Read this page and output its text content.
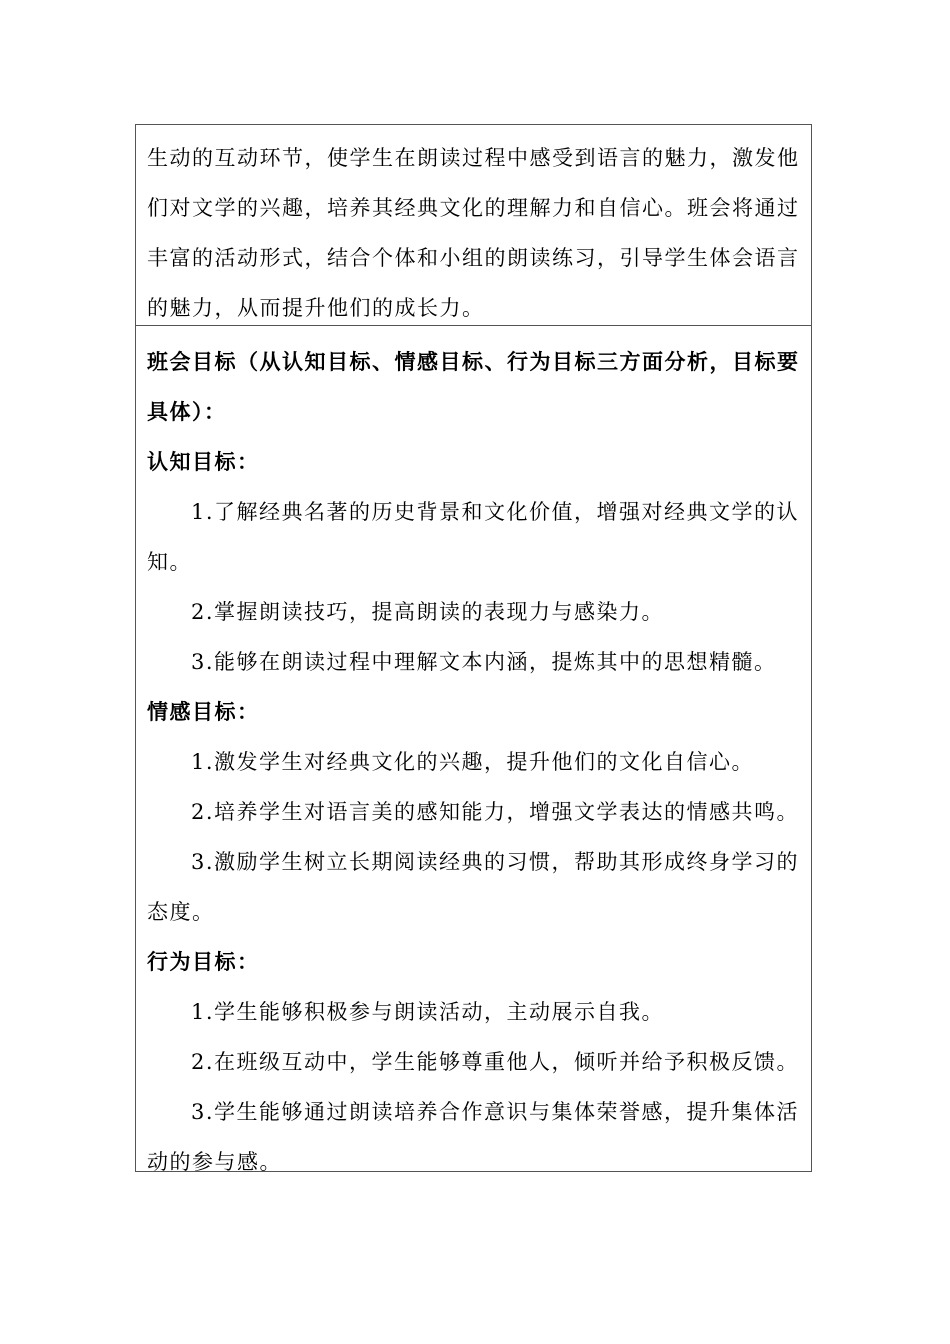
生动的互动环节，使学生在朗读过程中感受到语言的魅力，激发他
们对文学的兴趣，培养其经典文化的理解力和自信心。班会将通过
丰富的活动形式，结合个体和小组的朗读练习，引导学生体会语言
的魅力，从而提升他们的成长力。
班会目标（从认知目标、情感目标、行为目标三方面分析，目标要
具体）：
认知目标：
1.了解经典名著的历史背景和文化价值，增强对经典文学的认
知。
2.掌握朗读技巧，提高朗读的表现力与感染力。
3.能够在朗读过程中理解文本内涵，提炼其中的思想精髓。
情感目标：
1.激发学生对经典文化的兴趣，提升他们的文化自信心。
2.培养学生对语言美的感知能力，增强文学表达的情感共鸣。
3.激励学生树立长期阅读经典的习惯，帮助其形成终身学习的
态度。
行为目标：
1.学生能够积极参与朗读活动，主动展示自我。
2.在班级互动中，学生能够尊重他人，倾听并给予积极反馈。
3.学生能够通过朗读培养合作意识与集体荣誉感，提升集体活
动的参与感。
